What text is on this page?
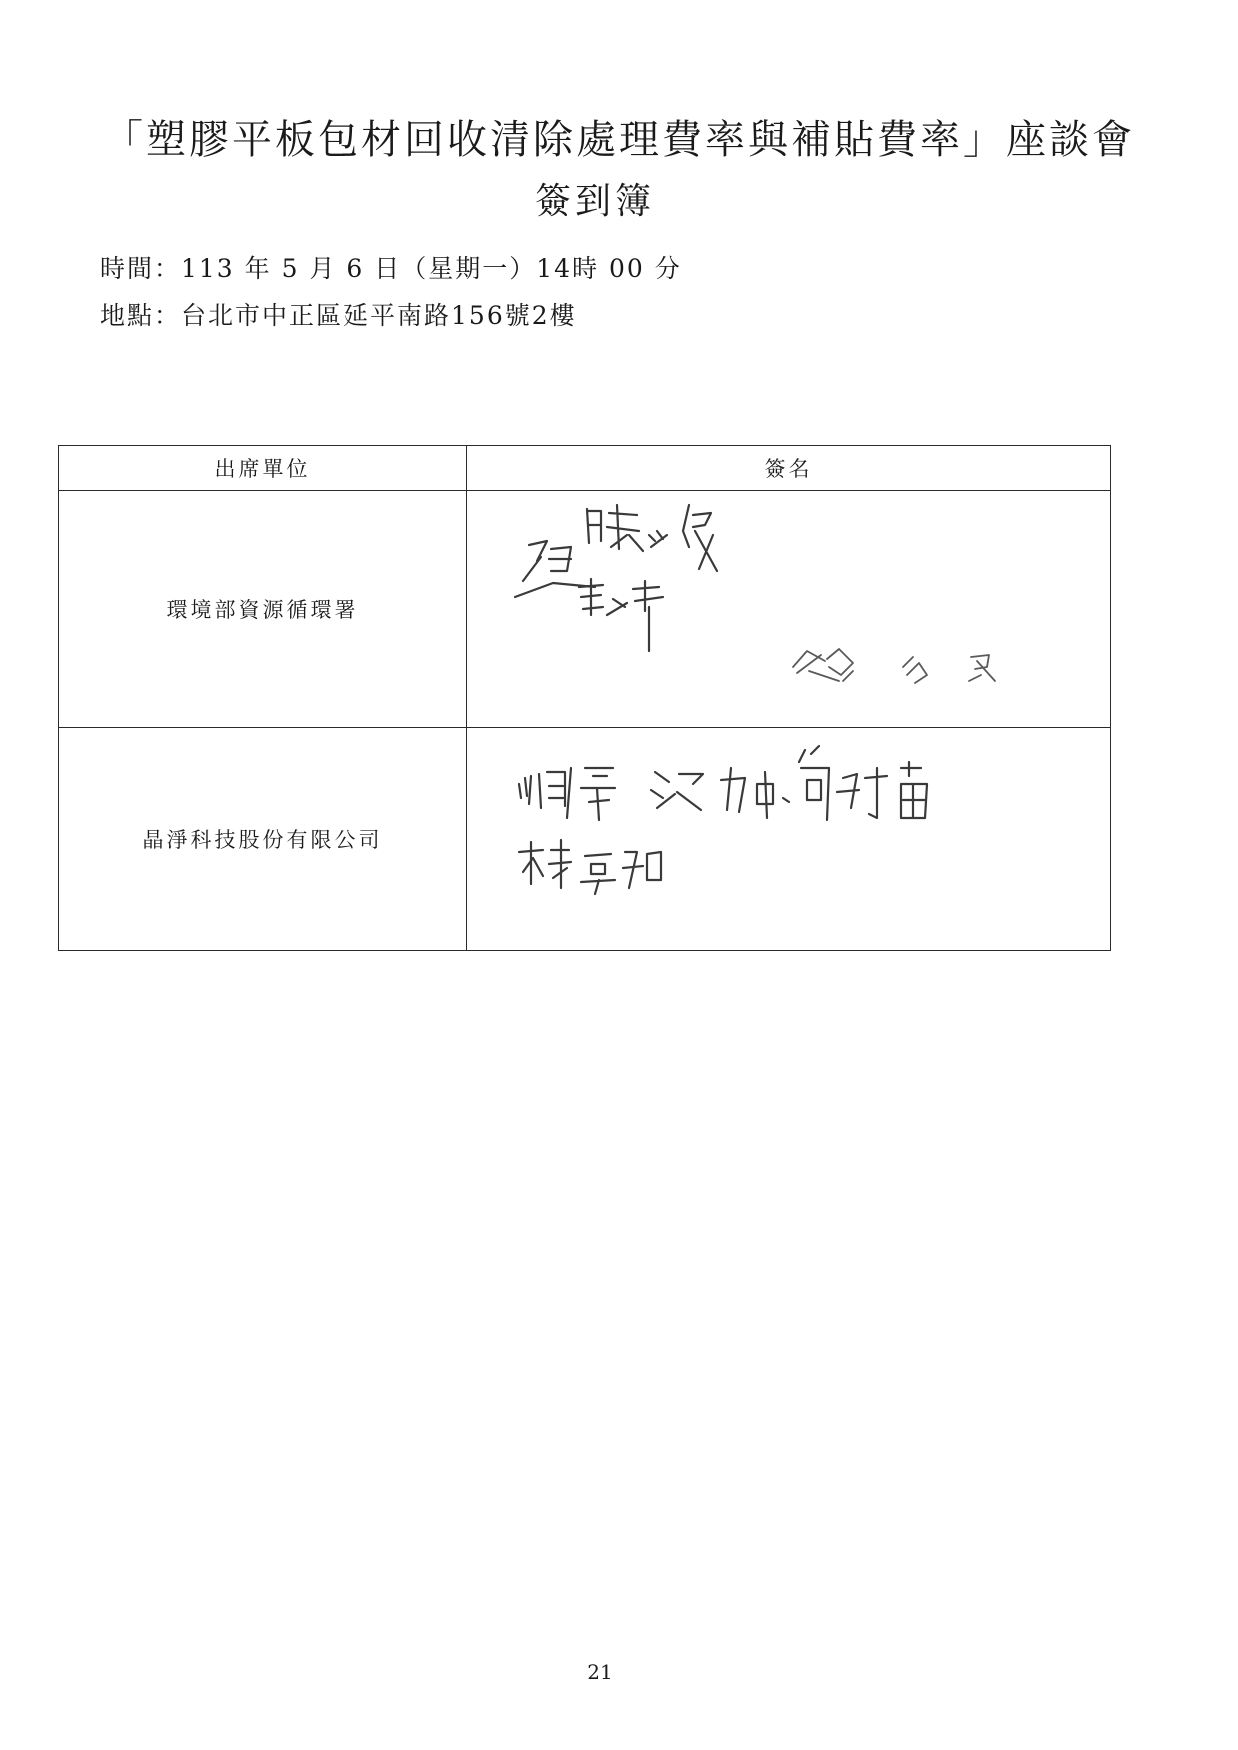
「塑膠平板包材回收清除處理費率與補貼費率」座談會
簽到簿
時間：113 年 5 月 6 日（星期一）14時 00 分
地點：台北市中正區延平南路156號2樓
出席單位	簽名
環境部資源循環署	

晶淨科技股份有限公司	
21
